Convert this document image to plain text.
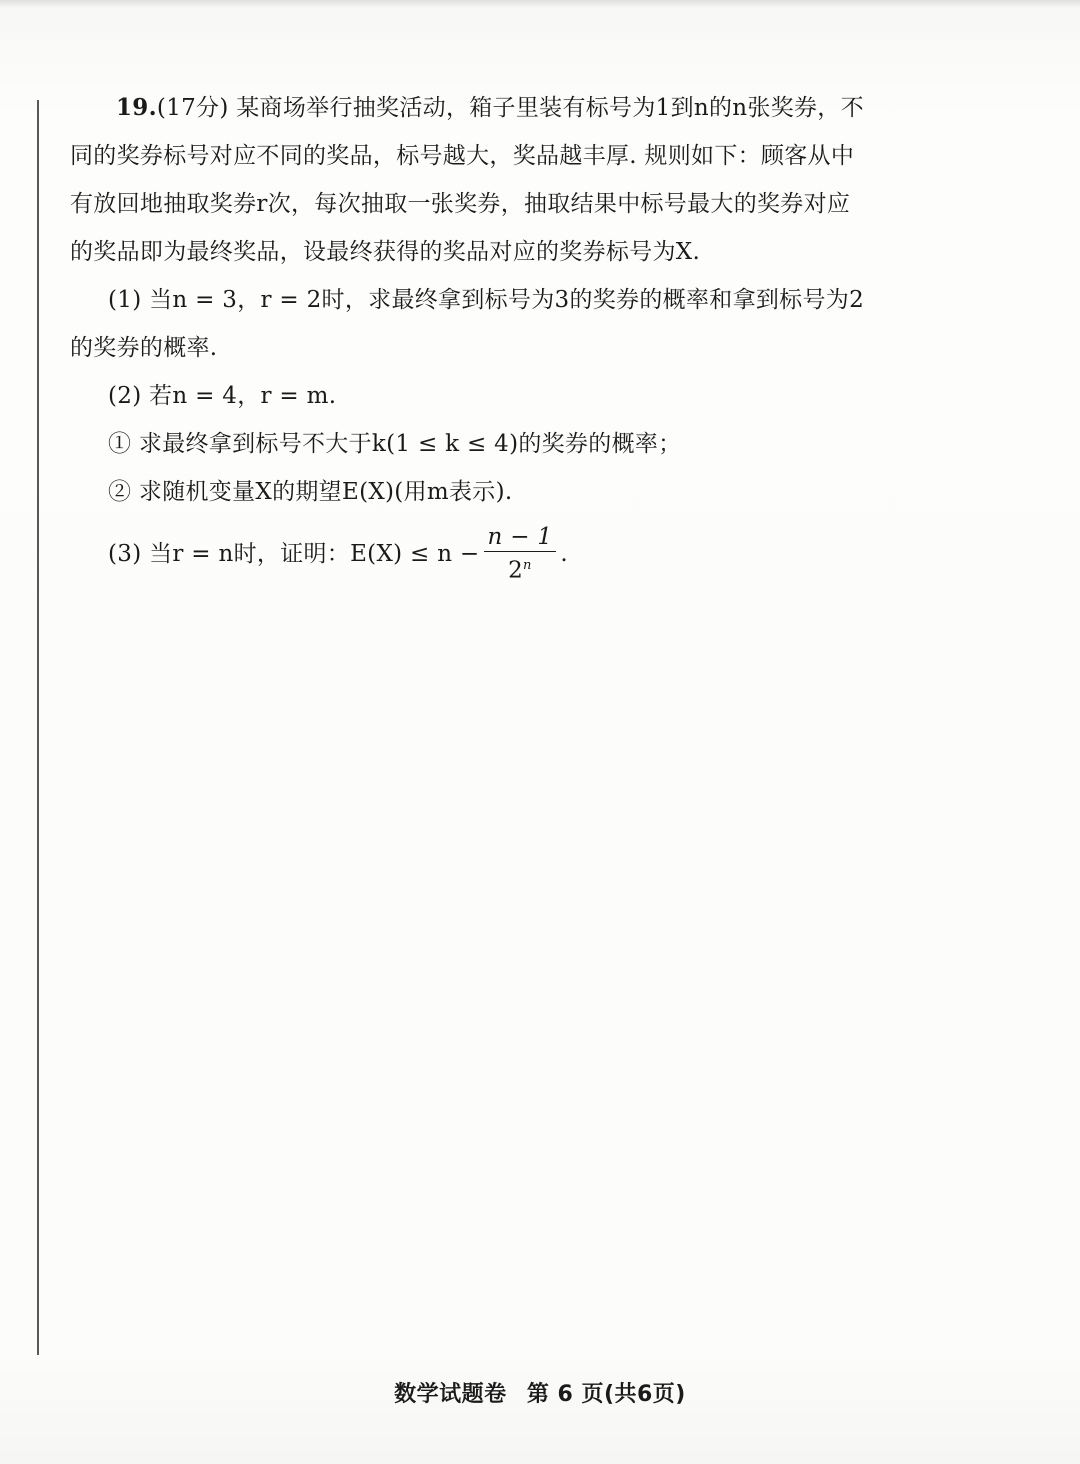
19.(17分) 某商场举行抽奖活动，箱子里装有标号为1到n的n张奖券，不同的奖券标号对应不同的奖品，标号越大，奖品越丰厚. 规则如下：顾客从中有放回地抽取奖券r次，每次抽取一张奖券，抽取结果中标号最大的奖券对应的奖品即为最终奖品，设最终获得的奖品对应的奖券标号为X.

(1) 当n = 3，r = 2时，求最终拿到标号为3的奖券的概率和拿到标号为2的奖券的概率.

(2) 若n = 4，r = m.

① 求最终拿到标号不大于k(1 ≤ k ≤ 4)的奖券的概率；

② 求随机变量X的期望E(X)(用m表示).

(3) 当r = n时，证明：$E(X) \le n - \frac{n - 1}{2^n}$ .

数学试题卷 第 6 页(共6页)
